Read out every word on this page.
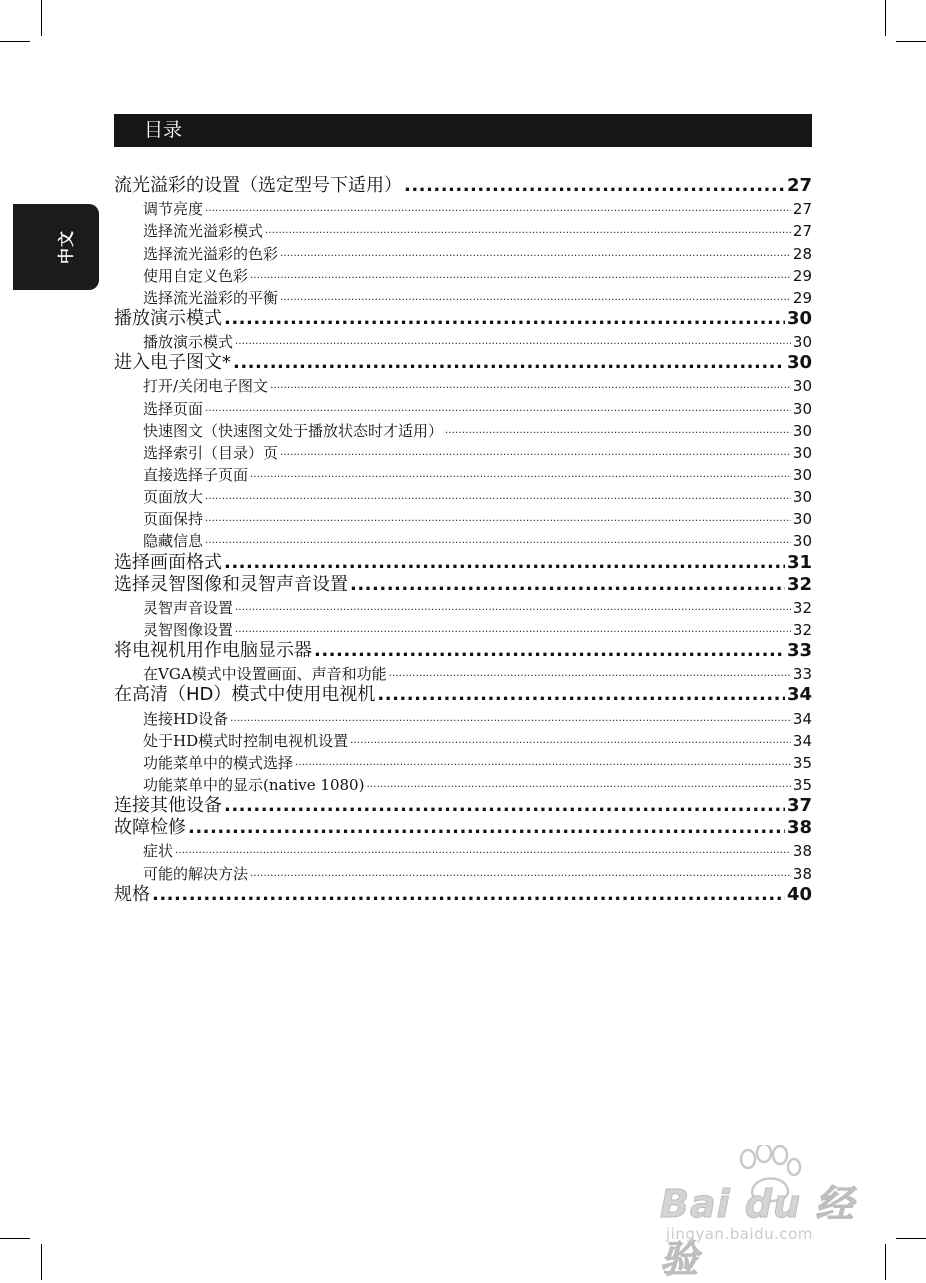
中文
目录
流光溢彩的设置（选定型号下适用） .....	27
调节亮度 .....	27
选择流光溢彩模式 .....	27
选择流光溢彩的色彩 .....	28
使用自定义色彩 .....	29
选择流光溢彩的平衡 .....	29
播放演示模式 .....	30
播放演示模式 .....	30
进入电子图文* .....	30
打开/关闭电子图文 .....	30
选择页面 .....	30
快速图文（快速图文处于播放状态时才适用） .....	30
选择索引（目录）页 .....	30
直接选择子页面 .....	30
页面放大 .....	30
页面保持 .....	30
隐藏信息 .....	30
选择画面格式 .....	31
选择灵智图像和灵智声音设置 .....	32
灵智声音设置 .....	32
灵智图像设置 .....	32
将电视机用作电脑显示器 .....	33
在VGA模式中设置画面、声音和功能 .....	33
在高清（HD）模式中使用电视机 .....	34
连接HD设备 .....	34
处于HD模式时控制电视机设置 .....	34
功能菜单中的模式选择 .....	35
功能菜单中的显示(native 1080) .....	35
连接其他设备 .....	37
故障检修 .....	38
症状 .....	38
可能的解决方法 .....	38
规格 .....	40
Bai du 经验
jingyan.baidu.com
